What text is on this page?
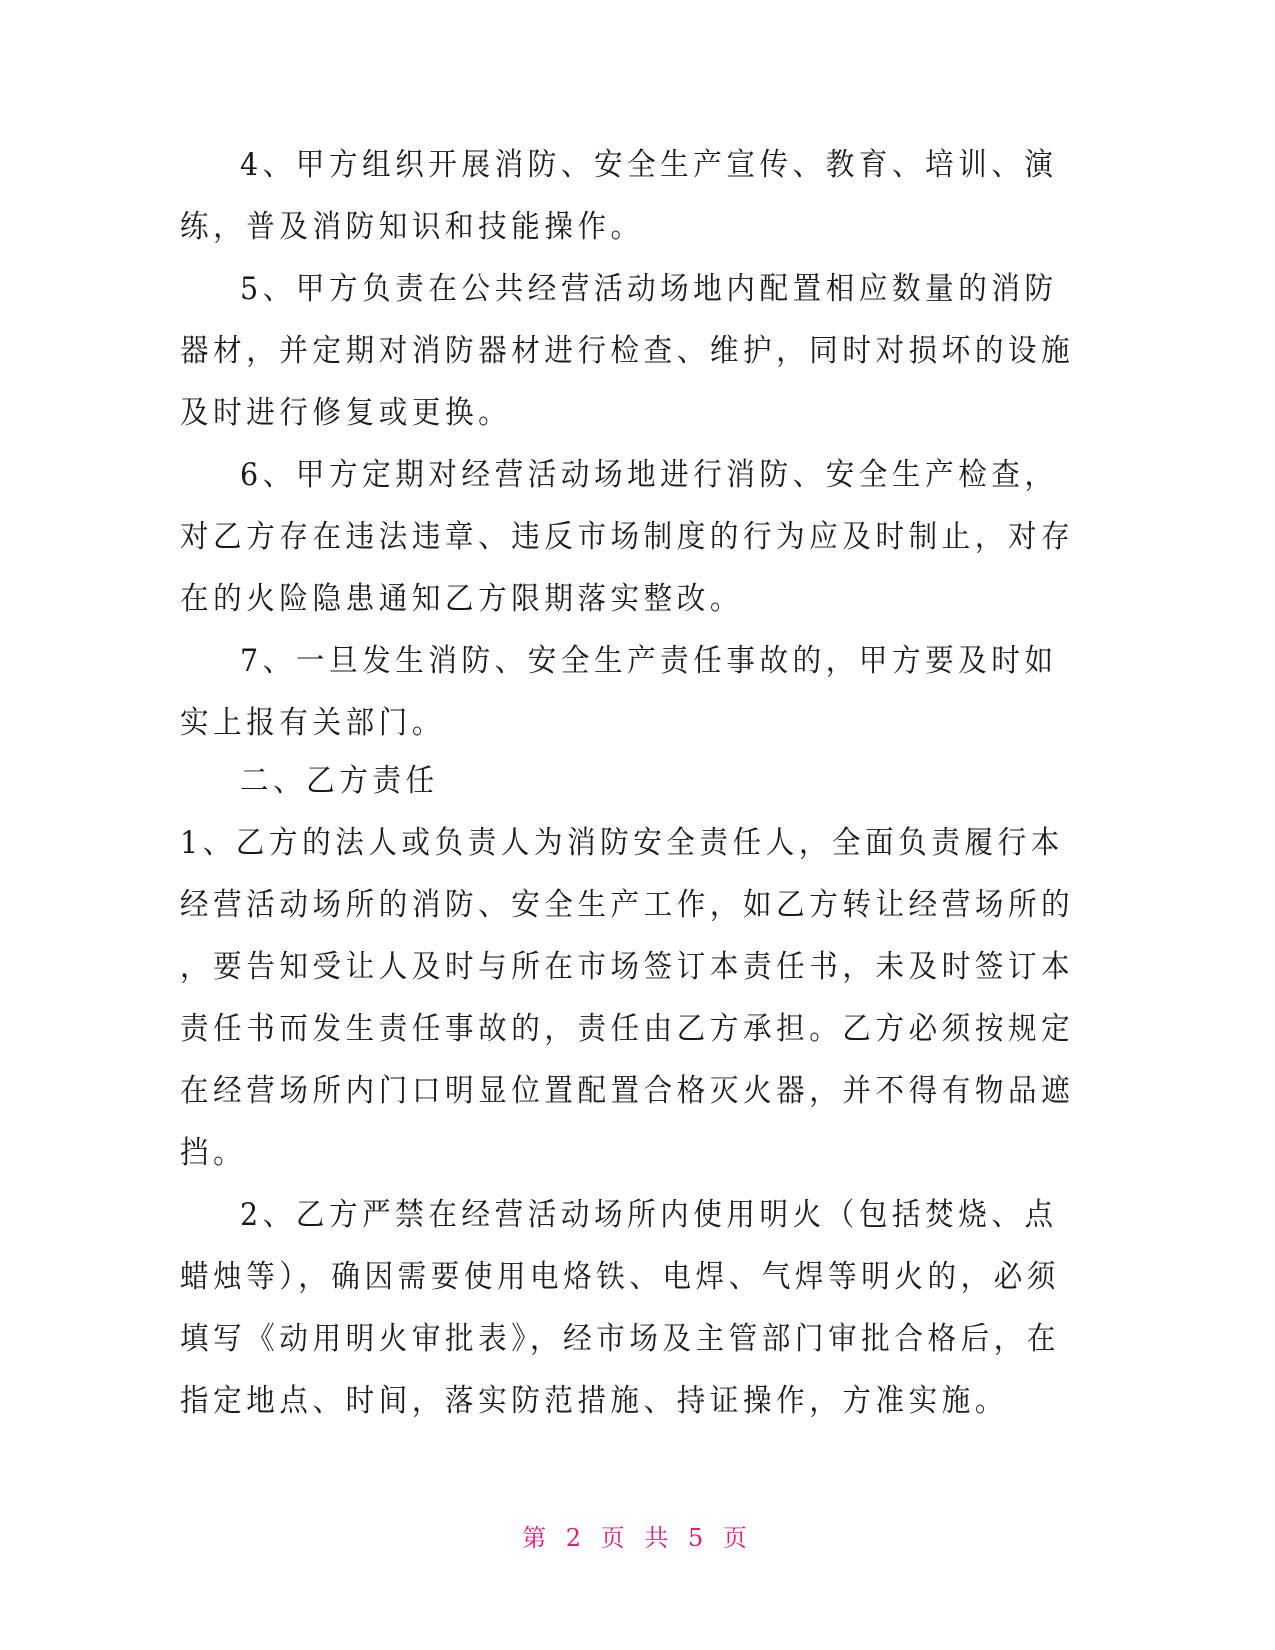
4、甲方组织开展消防、安全生产宣传、教育、培训、演
练，普及消防知识和技能操作。
5、甲方负责在公共经营活动场地内配置相应数量的消防
器材，并定期对消防器材进行检查、维护，同时对损坏的设施
及时进行修复或更换。
6、甲方定期对经营活动场地进行消防、安全生产检查，
对乙方存在违法违章、违反市场制度的行为应及时制止，对存
在的火险隐患通知乙方限期落实整改。
7、一旦发生消防、安全生产责任事故的，甲方要及时如
实上报有关部门。
二、乙方责任
1、乙方的法人或负责人为消防安全责任人，全面负责履行本
经营活动场所的消防、安全生产工作，如乙方转让经营场所的
，要告知受让人及时与所在市场签订本责任书，未及时签订本
责任书而发生责任事故的，责任由乙方承担。乙方必须按规定
在经营场所内门口明显位置配置合格灭火器，并不得有物品遮
挡。
2、乙方严禁在经营活动场所内使用明火（包括焚烧、点
蜡烛等），确因需要使用电烙铁、电焊、气焊等明火的，必须
填写《动用明火审批表》，经市场及主管部门审批合格后，在
指定地点、时间，落实防范措施、持证操作，方准实施。
第 2 页 共 5 页
